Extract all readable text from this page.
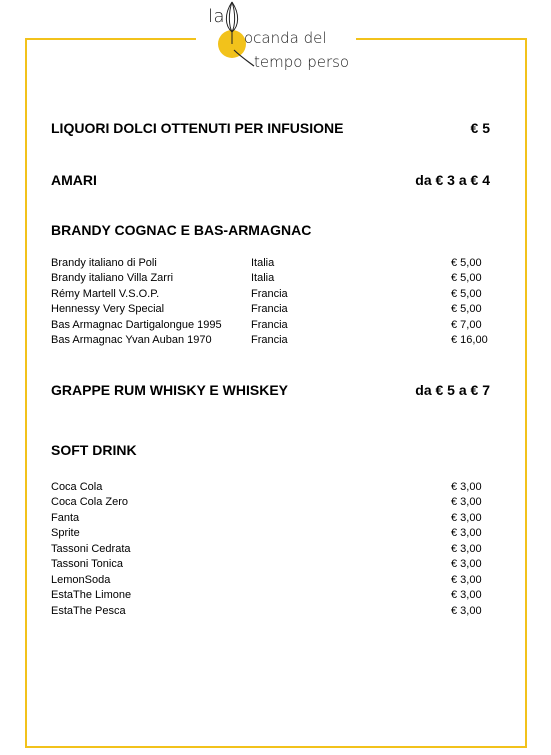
la
ocanda del
tempo perso
LIQUORI DOLCI OTTENUTI PER INFUSIONE	€ 5
AMARI	da € 3 a € 4
BRANDY COGNAC E BAS-ARMAGNAC
Brandy italiano di Poli	Italia	€ 5,00
Brandy italiano Villa Zarri	Italia	€ 5,00
Rémy Martell V.S.O.P.	Francia	€ 5,00
Hennessy Very Special	Francia	€ 5,00
Bas Armagnac Dartigalongue 1995	Francia	€ 7,00
Bas Armagnac Yvan Auban 1970	Francia	€ 16,00
GRAPPE RUM WHISKY E WHISKEY	da € 5 a € 7
SOFT DRINK
Coca Cola	€ 3,00
Coca Cola Zero	€ 3,00
Fanta	€ 3,00
Sprite	€ 3,00
Tassoni Cedrata	€ 3,00
Tassoni Tonica	€ 3,00
LemonSoda	€ 3,00
EstaThe Limone	€ 3,00
EstaThe Pesca	€ 3,00
